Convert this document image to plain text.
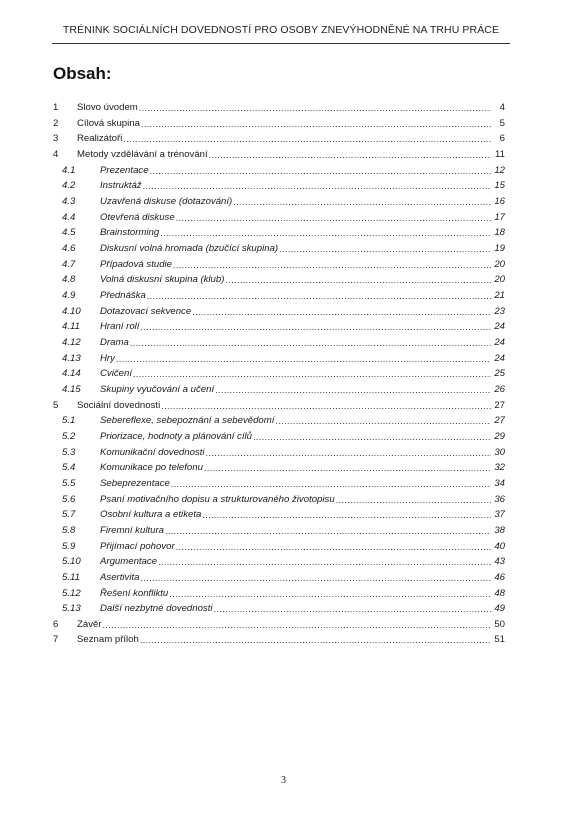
TRÉNINK SOCIÁLNÍCH DOVEDNOSTÍ PRO OSOBY ZNEVÝHODNĚNÉ NA TRHU PRÁCE
Obsah:
1	Slovo úvodem .....	4
2	Cílová skupina .....	5
3	Realizátoři .....	6
4	Metody vzdělávání a trénování .....	11
4.1	Prezentace .....	12
4.2	Instruktáž .....	15
4.3	Uzavřená diskuse (dotazování) .....	16
4.4	Otevřená diskuse .....	17
4.5	Brainstorming .....	18
4.6	Diskusní volná hromada (bzučící skupina) .....	19
4.7	Případová studie .....	20
4.8	Volná diskusní skupina (klub) .....	20
4.9	Přednáška .....	21
4.10	Dotazovací sekvence .....	23
4.11	Hraní rolí .....	24
4.12	Drama .....	24
4.13	Hry .....	24
4.14	Cvičení .....	25
4.15	Skupiny vyučování a učení .....	26
5	Sociální dovednosti .....	27
5.1	Sebereflexe, sebepoznání a sebevědomí .....	27
5.2	Priorizace, hodnoty a plánování cílů .....	29
5.3	Komunikační dovednosti .....	30
5.4	Komunikace po telefonu .....	32
5.5	Sebeprezentace .....	34
5.6	Psaní motivačního dopisu a strukturovaného životopisu .....	36
5.7	Osobní kultura a etiketa .....	37
5.8	Firemní kultura .....	38
5.9	Přijímací pohovor .....	40
5.10	Argumentace .....	43
5.11	Asertivita .....	46
5.12	Řešení konfliktu .....	48
5.13	Další nezbytné dovednosti .....	49
6	Závěr .....	50
7	Seznam příloh .....	51
3
